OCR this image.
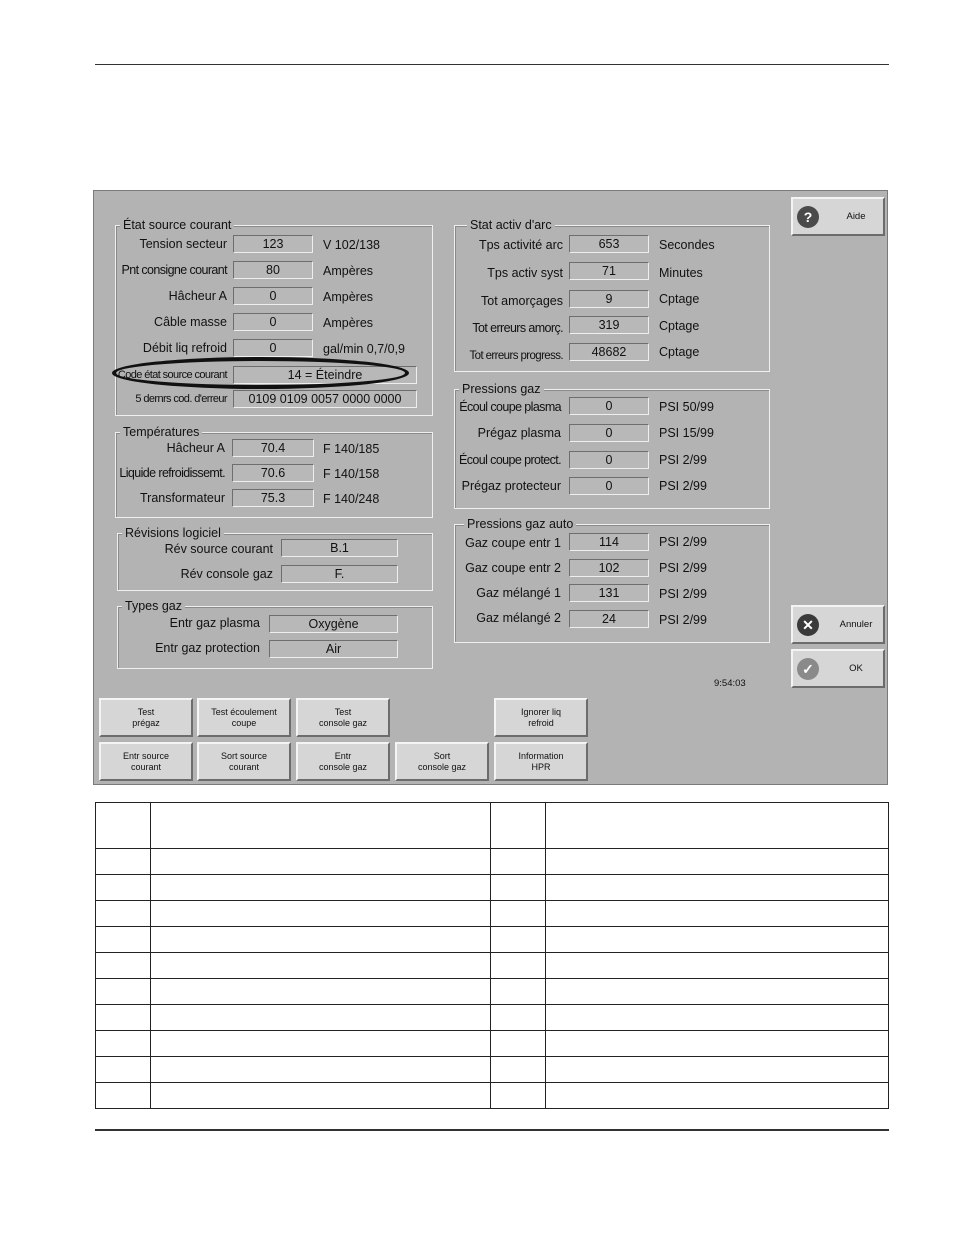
État source courant
Tension secteur	123	V 102/138
Pnt consigne courant	80	Ampères
Hâcheur A	0	Ampères
Câble masse	0	Ampères
Débit liq refroid	0	gal/min 0,7/0,9
Code état source courant	14 = Éteindre
5 dernrs cod. d'erreur	0109 0109 0057 0000 0000
Températures
Hâcheur A	70.4	F 140/185
Liquide refroidissemt.	70.6	F 140/158
Transformateur	75.3	F 140/248
Révisions logiciel
Rév source courant	B.1
Rév console gaz	F.
Types gaz
Entr gaz plasma	Oxygène
Entr gaz protection	Air
Stat activ d'arc
Tps activité arc	653	Secondes
Tps activ syst	71	Minutes
Tot amorçages	9	Cptage
Tot erreurs amorç.	319	Cptage
Tot erreurs progress.	48682	Cptage
Pressions gaz
Écoul coupe plasma	0	PSI 50/99
Prégaz plasma	0	PSI 15/99
Écoul coupe protect.	0	PSI 2/99
Prégaz protecteur	0	PSI 2/99
Pressions gaz auto
Gaz coupe entr 1	114	PSI 2/99
Gaz coupe entr 2	102	PSI 2/99
Gaz mélangé 1	131	PSI 2/99
Gaz mélangé 2	24	PSI 2/99
?	Aide
✕	Annuler
✓	OK
9:54:03
Test
prégaz
Test écoulement
coupe
Test
console gaz
Ignorer liq
refroid
Entr source
courant
Sort source
courant
Entr
console gaz
Sort
console gaz
Information
HPR
